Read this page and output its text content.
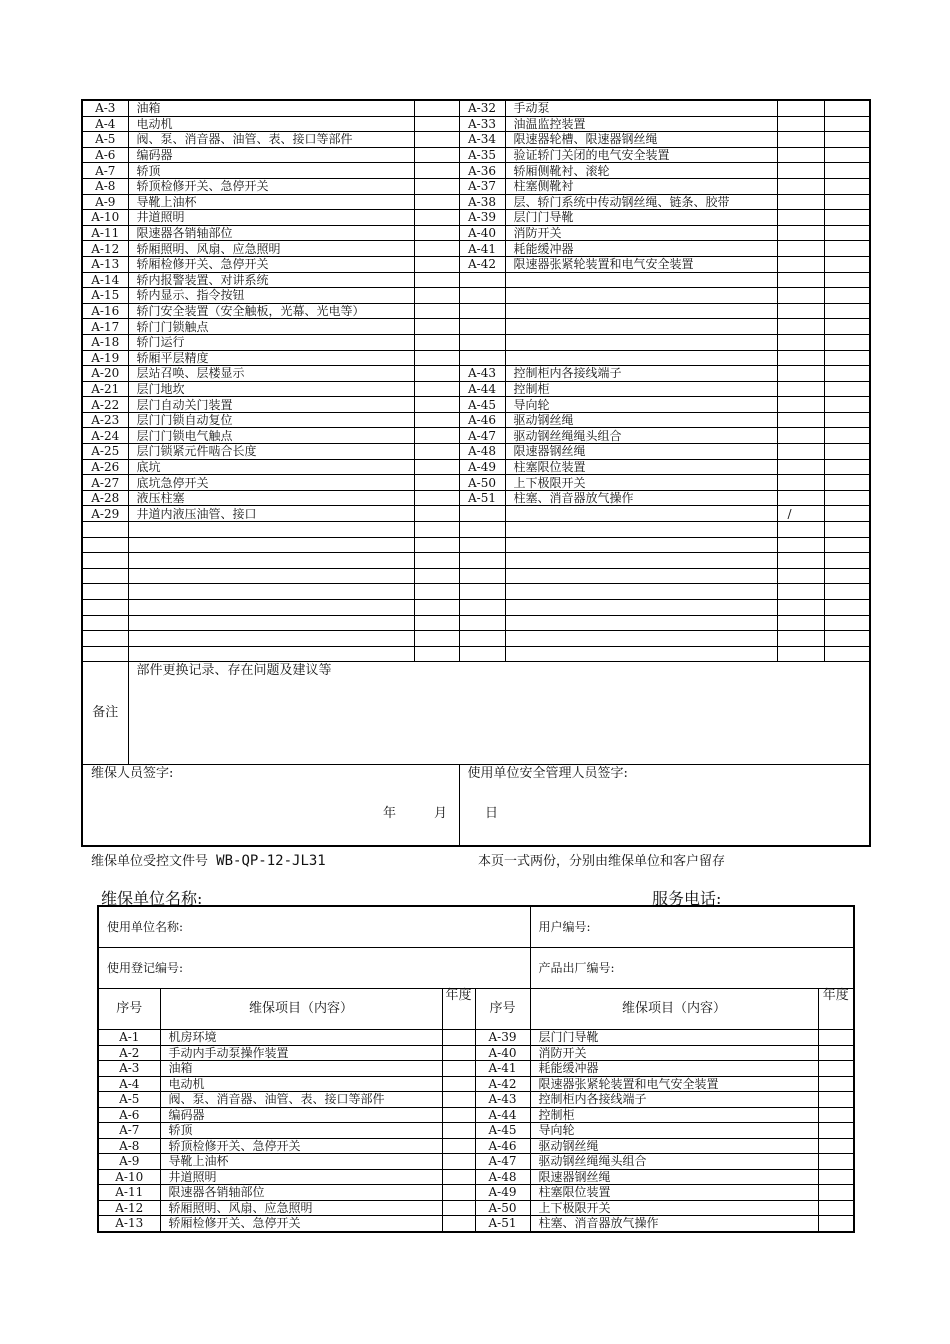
A-3	油箱		A-32	手动泵		
A-4	电动机		A-33	油温监控装置		
A-5	阀、泵、消音器、油管、表、接口等部件		A-34	限速器轮槽、限速器钢丝绳		
A-6	编码器		A-35	验证轿门关闭的电气安全装置		
A-7	轿顶		A-36	轿厢侧靴衬、滚轮		
A-8	轿顶检修开关、急停开关		A-37	柱塞侧靴衬		
A-9	导靴上油杯		A-38	层、轿门系统中传动钢丝绳、链条、胶带		
A-10	井道照明		A-39	层门门导靴		
A-11	限速器各销轴部位		A-40	消防开关		
A-12	轿厢照明、风扇、应急照明		A-41	耗能缓冲器		
A-13	轿厢检修开关、急停开关		A-42	限速器张紧轮装置和电气安全装置		
A-14	轿内报警装置、对讲系统					
A-15	轿内显示、指令按钮					
A-16	轿门安全装置（安全触板，光幕、光电等）					
A-17	轿门门锁触点					
A-18	轿门运行					
A-19	轿厢平层精度					
A-20	层站召唤、层楼显示		A-43	控制柜内各接线端子		
A-21	层门地坎		A-44	控制柜		
A-22	层门自动关门装置		A-45	导向轮		
A-23	层门门锁自动复位		A-46	驱动钢丝绳		
A-24	层门门锁电气触点		A-47	驱动钢丝绳绳头组合		
A-25	层门锁紧元件啮合长度		A-48	限速器钢丝绳		
A-26	底坑		A-49	柱塞限位装置		
A-27	底坑急停开关		A-50	上下极限开关		
A-28	液压柱塞		A-51	柱塞、消音器放气操作		
A-29	井道内液压油管、接口				/	

备注	部件更换记录、存在问题及建议等					
维保人员签字:
年 月 日			使用单位安全管理人员签字:			
维保单位受控文件号 WB-QP-12-JL31	本页一式两份，分别由维保单位和客户留存
维保单位名称:	服务电话:
使用单位名称:				用户编号:	
使用登记编号:				产品出厂编号:	
序号	维保项目（内容）	年度	序号	维保项目（内容）	年度
A-1	机房环境		A-39	层门门导靴	
A-2	手动内手动泵操作装置		A-40	消防开关	
A-3	油箱		A-41	耗能缓冲器	
A-4	电动机		A-42	限速器张紧轮装置和电气安全装置	
A-5	阀、泵、消音器、油管、表、接口等部件		A-43	控制柜内各接线端子	
A-6	编码器		A-44	控制柜	
A-7	轿顶		A-45	导向轮	
A-8	轿顶检修开关、急停开关		A-46	驱动钢丝绳	
A-9	导靴上油杯		A-47	驱动钢丝绳绳头组合	
A-10	井道照明		A-48	限速器钢丝绳	
A-11	限速器各销轴部位		A-49	柱塞限位装置	
A-12	轿厢照明、风扇、应急照明		A-50	上下极限开关	
A-13	轿厢检修开关、急停开关		A-51	柱塞、消音器放气操作	
